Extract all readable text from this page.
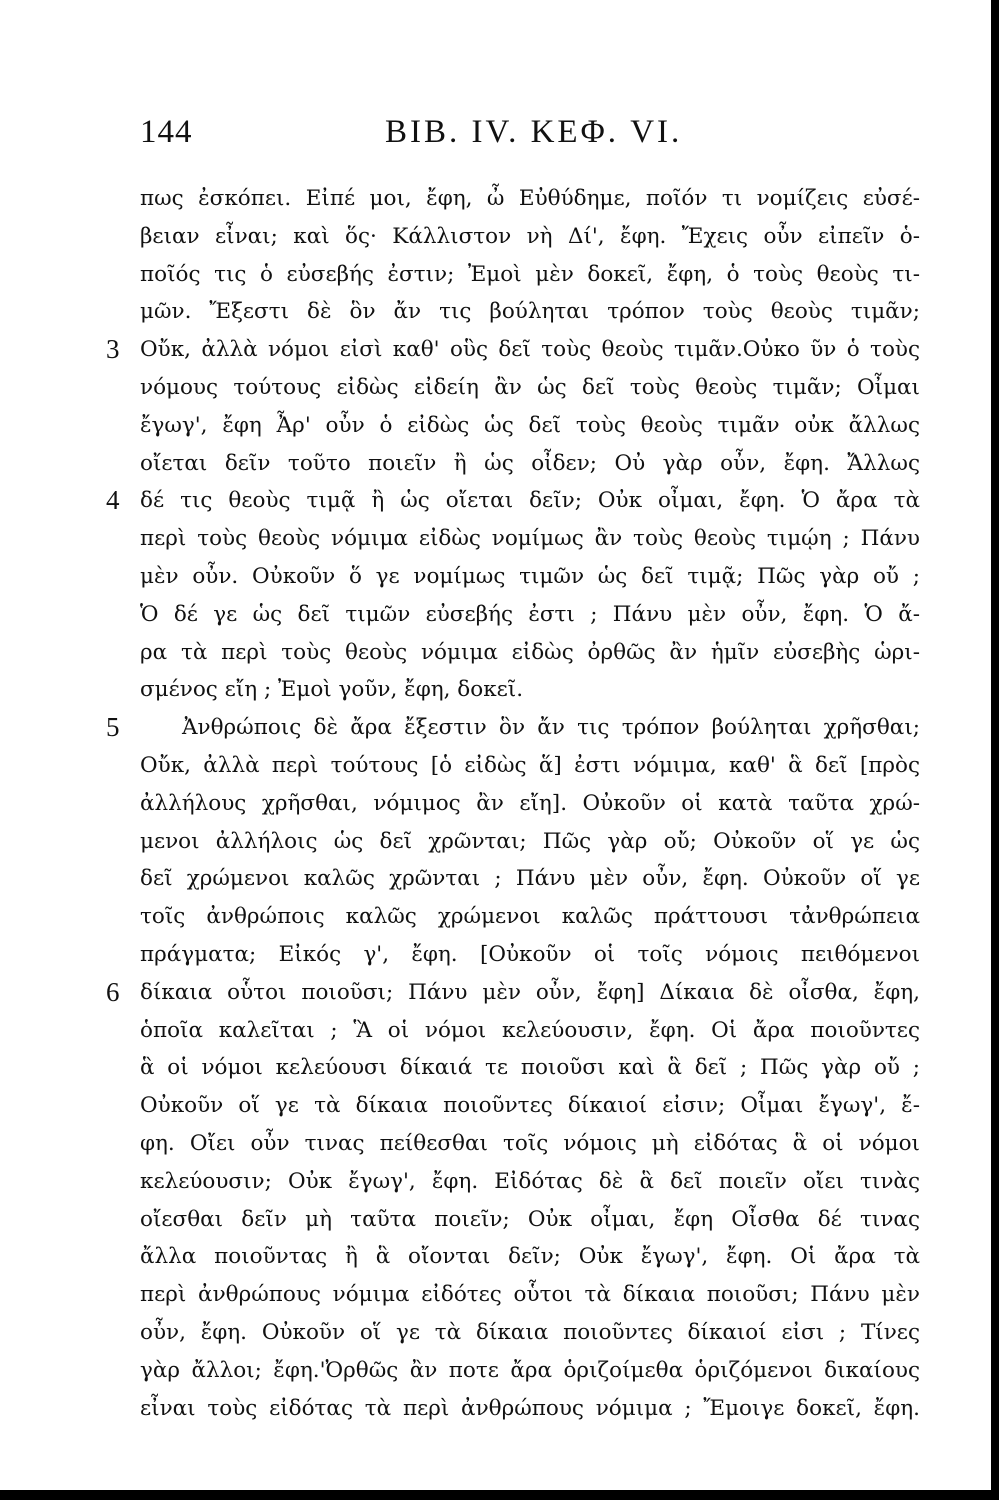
144	BIB. IV. ΚΕΦ. VI.
πως ἐσκόπει. Εἰπέ μοι, ἔφη, ὦ Εὐθύδημε, ποῖόν τι νομίζεις εὐσέ-
βειαν εἶναι; καὶ ὅς· Κάλλιστον νὴ Δί', ἔφη. Ἔχεις οὖν εἰπεῖν ὁ-
ποῖός τις ὁ εὐσεβής ἐστιν; Ἐμοὶ μὲν δοκεῖ, ἔφη, ὁ τοὺς θεοὺς τι-
μῶν. Ἔξεστι δὲ ὃν ἄν τις βούληται τρόπον τοὺς θεοὺς τιμᾶν;
3 Οὔκ, ἀλλὰ νόμοι εἰσὶ καθ' οὓς δεῖ τοὺς θεοὺς τιμᾶν.Οὐκο ῦν ὁ τοὺς
νόμους τούτους εἰδὼς εἰδείη ἂν ὡς δεῖ τοὺς θεοὺς τιμᾶν; Οἶμαι
ἔγωγ', ἔφη Ἆρ' οὖν ὁ εἰδὼς ὡς δεῖ τοὺς θεοὺς τιμᾶν οὐκ ἄλλως
οἴεται δεῖν τοῦτο ποιεῖν ἢ ὡς οἶδεν; Οὐ γὰρ οὖν, ἔφη. Ἄλλως
4 δέ τις θεοὺς τιμᾷ ἢ ὡς οἴεται δεῖν; Οὐκ οἶμαι, ἔφη. Ὁ ἄρα τὰ
περὶ τοὺς θεοὺς νόμιμα εἰδὼς νομίμως ἂν τοὺς θεοὺς τιμῴη ; Πάνυ
μὲν οὖν. Οὐκοῦν ὅ γε νομίμως τιμῶν ὡς δεῖ τιμᾷ; Πῶς γὰρ οὔ ;
Ὁ δέ γε ὡς δεῖ τιμῶν εὐσεβής ἐστι ; Πάνυ μὲν οὖν, ἔφη. Ὁ ἄ-
ρα τὰ περὶ τοὺς θεοὺς νόμιμα εἰδὼς ὀρθῶς ἂν ἡμῖν εὐσεβὴς ὡρι-
σμένος εἴη ; Ἐμοὶ γοῦν, ἔφη, δοκεῖ.
5	Ἀνθρώποις δὲ ἄρα ἔξεστιν ὃν ἄν τις τρόπον βούληται χρῆσθαι;
Οὔκ, ἀλλὰ περὶ τούτους [ὁ εἰδὼς ἅ] ἐστι νόμιμα, καθ' ἃ δεῖ [πρὸς
ἀλλήλους χρῆσθαι, νόμιμος ἂν εἴη]. Οὐκοῦν οἱ κατὰ ταῦτα χρώ-
μενοι ἀλλήλοις ὡς δεῖ χρῶνται; Πῶς γὰρ οὔ; Οὐκοῦν οἵ γε ὡς
δεῖ χρώμενοι καλῶς χρῶνται ; Πάνυ μὲν οὖν, ἔφη. Οὐκοῦν οἵ γε
τοῖς ἀνθρώποις καλῶς χρώμενοι καλῶς πράττουσι τἀνθρώπεια
πράγματα; Εἰκός γ', ἔφη. [Οὐκοῦν οἱ τοῖς νόμοις πειθόμενοι
6 δίκαια οὗτοι ποιοῦσι; Πάνυ μὲν οὖν, ἔφη] Δίκαια δὲ οἶσθα, ἔφη,
ὁποῖα καλεῖται ; Ἃ οἱ νόμοι κελεύουσιν, ἔφη. Οἱ ἄρα ποιοῦντες
ἃ οἱ νόμοι κελεύουσι δίκαιά τε ποιοῦσι καὶ ἃ δεῖ ; Πῶς γὰρ οὔ ;
Οὐκοῦν οἵ γε τὰ δίκαια ποιοῦντες δίκαιοί εἰσιν; Οἶμαι ἔγωγ', ἔ-
φη. Οἴει οὖν τινας πείθεσθαι τοῖς νόμοις μὴ εἰδότας ἃ οἱ νόμοι
κελεύουσιν; Οὐκ ἔγωγ', ἔφη. Εἰδότας δὲ ἃ δεῖ ποιεῖν οἴει τινὰς
οἴεσθαι δεῖν μὴ ταῦτα ποιεῖν; Οὐκ οἶμαι, ἔφη Οἶσθα δέ τινας
ἄλλα ποιοῦντας ἢ ἃ οἴονται δεῖν; Οὐκ ἔγωγ', ἔφη. Οἱ ἄρα τὰ
περὶ ἀνθρώπους νόμιμα εἰδότες οὗτοι τὰ δίκαια ποιοῦσι; Πάνυ μὲν
οὖν, ἔφη. Οὐκοῦν οἵ γε τὰ δίκαια ποιοῦντες δίκαιοί εἰσι ; Τίνες
γὰρ ἄλλοι; ἔφη.'Ὀρθῶς ἂν ποτε ἄρα ὁριζοίμεθα ὁριζόμενοι δικαίους
εἶναι τοὺς εἰδότας τὰ περὶ ἀνθρώπους νόμιμα ; Ἔμοιγε δοκεῖ, ἔφη.
